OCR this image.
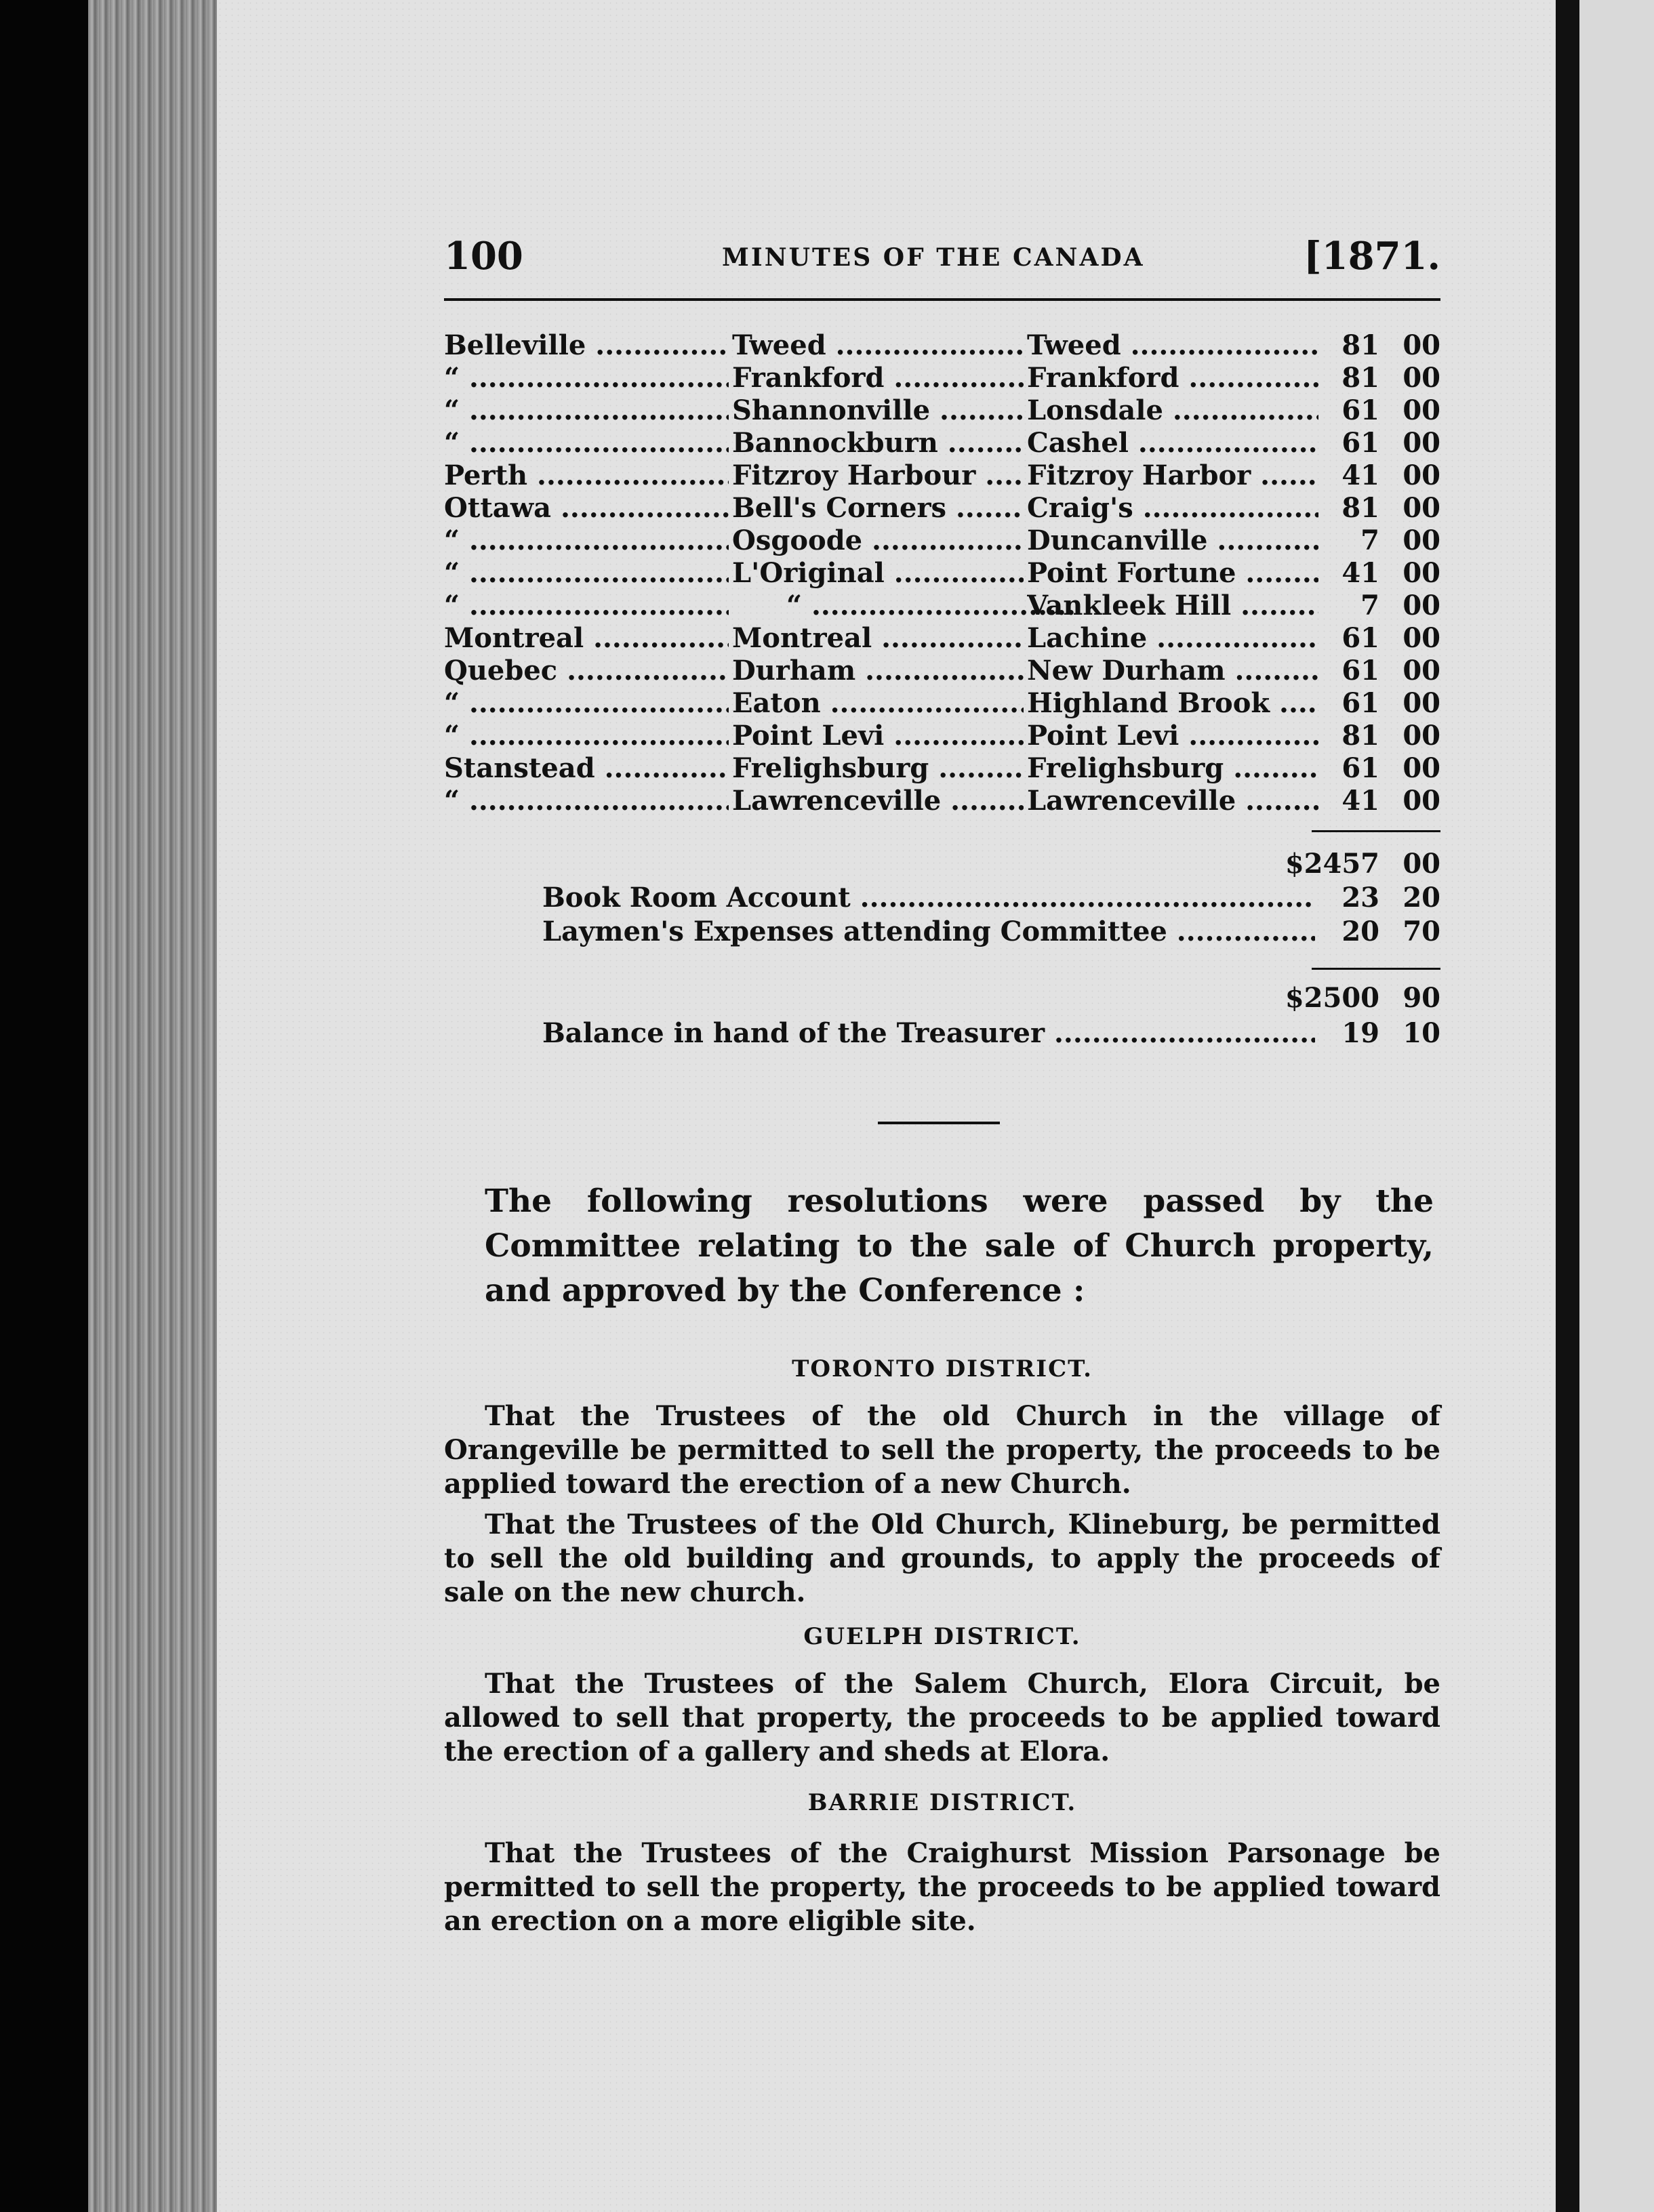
100	MINUTES OF THE CANADA	[1871.
Belleville .....	Tweed .....	Tweed .....	81 00
“ .....	Frankford .....	Frankford .....	81 00
“ .....	Shannonville .....	Lonsdale .....	61 00
“ .....	Bannockburn .....	Cashel .....	61 00
Perth .....	Fitzroy Harbour .....	Fitzroy Harbor .....	41 00
Ottawa .....	Bell's Corners .....	Craig's .....	81 00
“ .....	Osgoode .....	Duncanville .....	7 00
“ .....	L'Original .....	Point Fortune .....	41 00
“ .....	“ .....	Vankleek Hill .....	7 00
Montreal .....	Montreal .....	Lachine .....	61 00
Quebec .....	Durham .....	New Durham .....	61 00
“ .....	Eaton .....	Highland Brook .....	61 00
“ .....	Point Levi .....	Point Levi .....	81 00
Stanstead .....	Frelighsburg .....	Frelighsburg .....	61 00
“ .....	Lawrenceville .....	Lawrenceville .....	41 00
$2457 00
Book Room Account .....	23 20
Laymen's Expenses attending Committee .....	20 70
$2500 90
Balance in hand of the Treasurer .....	19 10
The following resolutions were passed by the Committee relating to the sale of Church property, and approved by the Conference :
TORONTO DISTRICT.
That the Trustees of the old Church in the village of Orangeville be permitted to sell the property, the proceeds to be applied toward the erection of a new Church.
That the Trustees of the Old Church, Klineburg, be permitted to sell the old building and grounds, to apply the proceeds of sale on the new church.
GUELPH DISTRICT.
That the Trustees of the Salem Church, Elora Circuit, be allowed to sell that property, the proceeds to be applied toward the erection of a gallery and sheds at Elora.
BARRIE DISTRICT.
That the Trustees of the Craighurst Mission Parsonage be permitted to sell the property, the proceeds to be applied toward an erection on a more eligible site.
